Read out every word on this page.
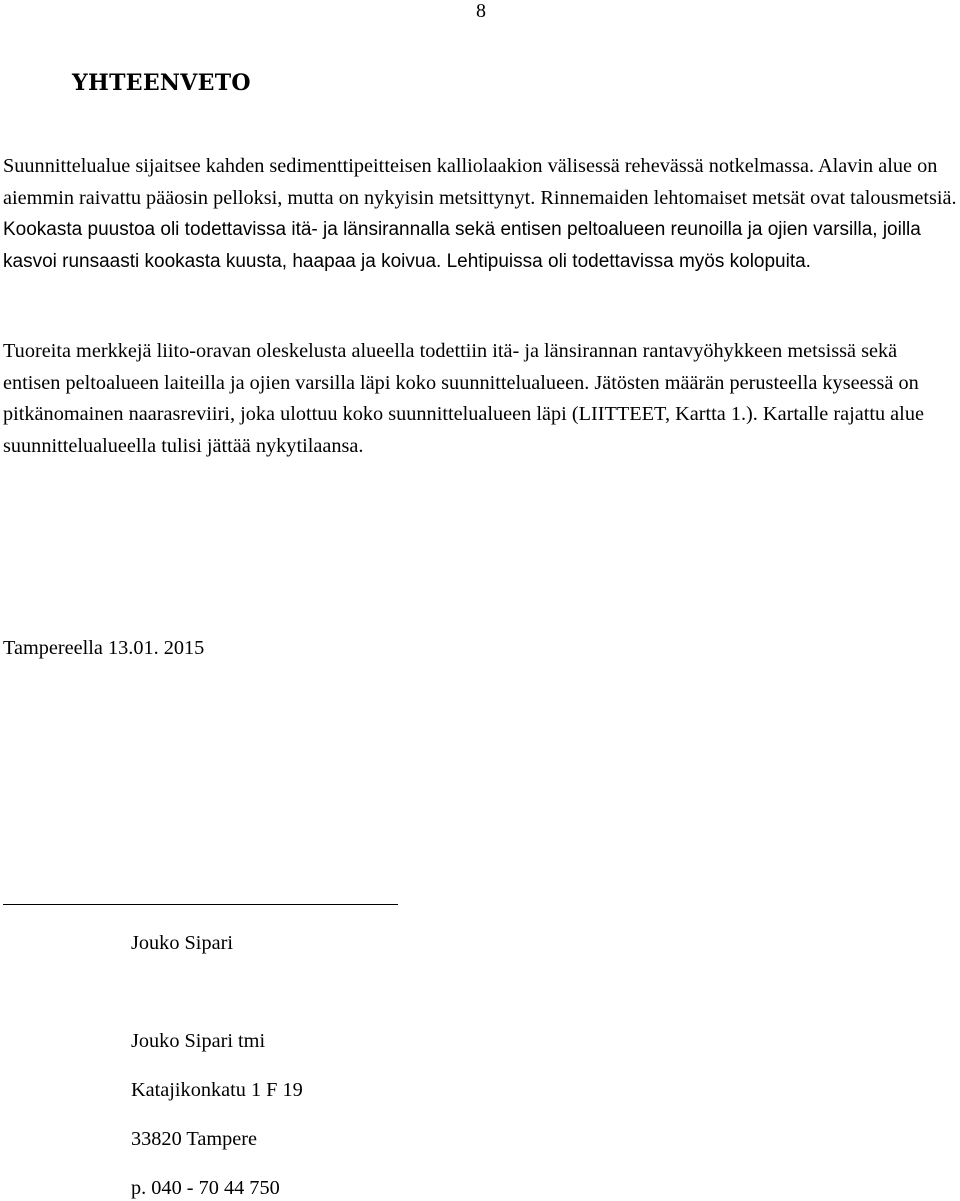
8
YHTEENVETO

Suunnittelualue sijaitsee kahden sedimenttipeitteisen kalliolaakion välisessä rehevässä notkelmassa. Alavin alue on aiemmin raivattu pääosin pelloksi, mutta on nykyisin metsittynyt. Rinnemaiden lehtomaiset metsät ovat talousmetsiä. Kookasta puustoa oli todettavissa itä- ja länsirannalla sekä entisen peltoalueen reunoilla ja ojien varsilla, joilla kasvoi runsaasti kookasta kuusta, haapaa ja koivua. Lehtipuissa oli todettavissa myös kolopuita.

Tuoreita merkkejä liito-oravan oleskelusta alueella todettiin itä- ja länsirannan rantavyöhykkeen metsissä sekä entisen peltoalueen laiteilla ja ojien varsilla läpi koko suunnittelualueen. Jätösten määrän perusteella kyseessä on pitkänomainen naarasreviiri, joka ulottuu koko suunnittelualueen läpi (LIITTEET, Kartta 1.). Kartalle rajattu alue suunnittelualueella tulisi jättää nykytilaansa.

Tampereella 13.01. 2015
Jouko Sipari
Jouko Sipari tmi
Katajikonkatu 1 F 19
33820 Tampere
p. 040 - 70 44 750
